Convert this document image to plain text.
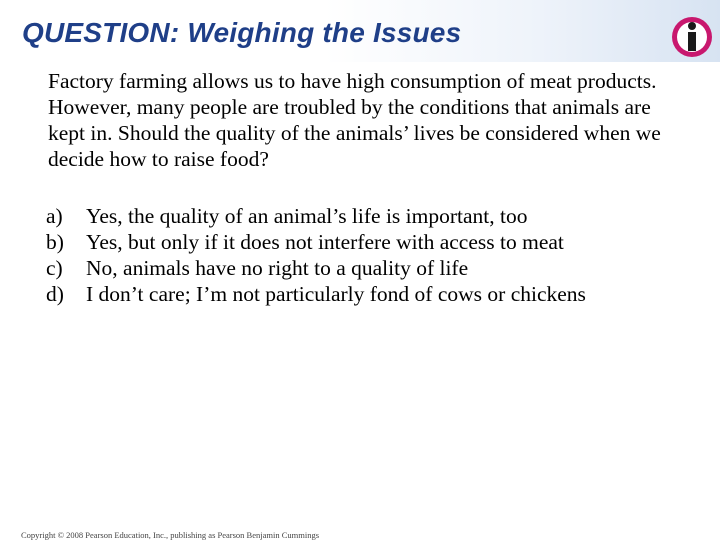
QUESTION: Weighing the Issues
Factory farming allows us to have high consumption of meat products. However, many people are troubled by the conditions that animals are kept in. Should the quality of the animals’ lives be considered when we decide how to raise food?
a)	Yes, the quality of an animal’s life is important, too
b)	Yes, but only if it does not interfere with access to meat
c)	No, animals have no right to a quality of life
d)	I don’t care; I’m not particularly fond of cows or chickens
Copyright © 2008 Pearson Education, Inc., publishing as Pearson Benjamin Cummings
